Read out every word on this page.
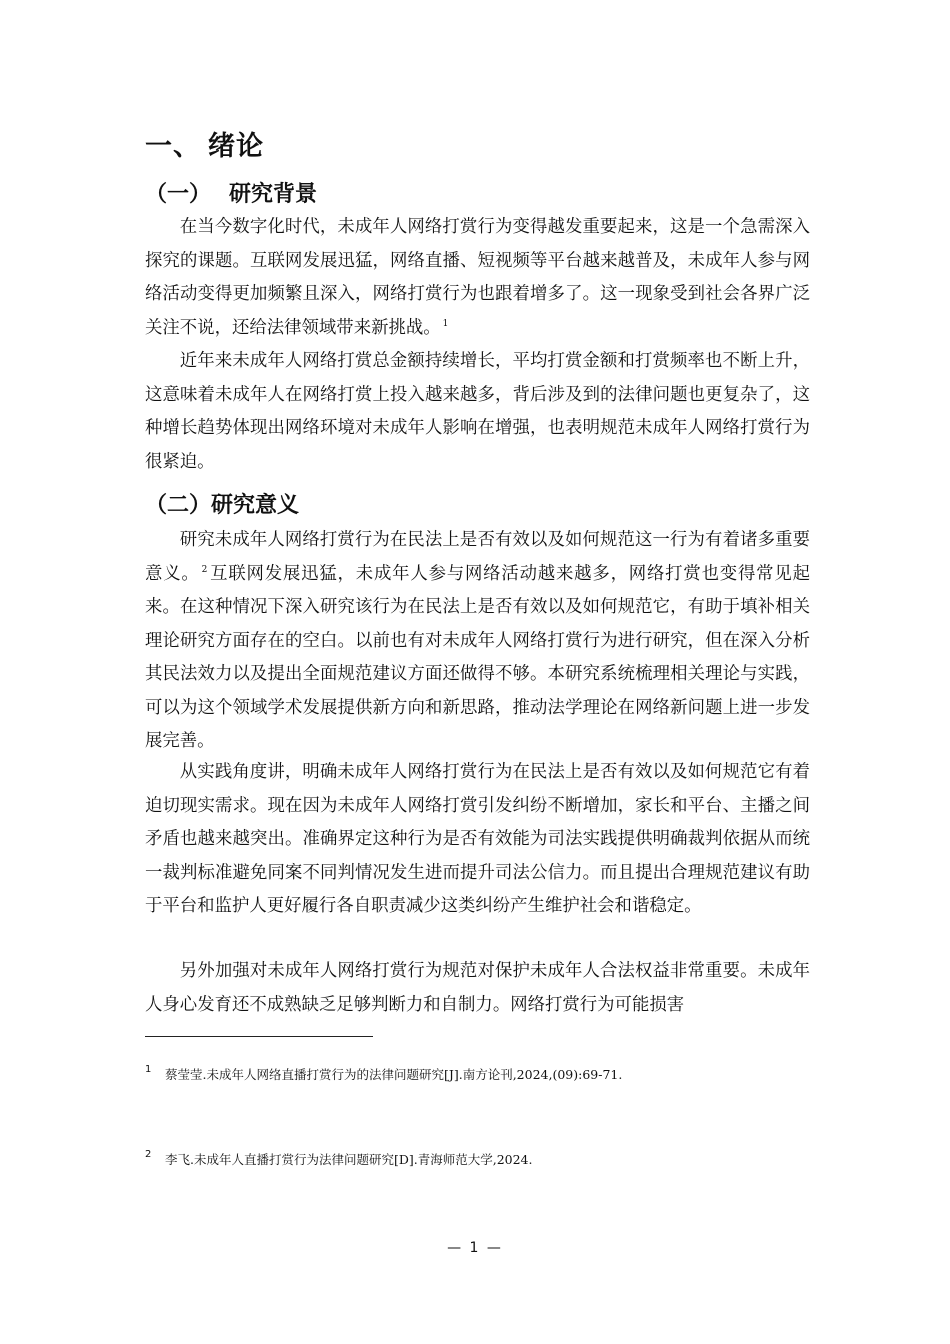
一、 绪论
（一） 研究背景
在当今数字化时代，未成年人网络打赏行为变得越发重要起来，这是一个急需深入探究的课题。互联网发展迅猛，网络直播、短视频等平台越来越普及，未成年人参与网络活动变得更加频繁且深入，网络打赏行为也跟着增多了。这一现象受到社会各界广泛关注不说，还给法律领域带来新挑战。 $^1$
近年来未成年人网络打赏总金额持续增长，平均打赏金额和打赏频率也不断上升，这意味着未成年人在网络打赏上投入越来越多，背后涉及到的法律问题也更复杂了，这种增长趋势体现出网络环境对未成年人影响在增强，也表明规范未成年人网络打赏行为很紧迫。
（二）研究意义
研究未成年人网络打赏行为在民法上是否有效以及如何规范这一行为有着诸多重要意义。 $^2$ 互联网发展迅猛，未成年人参与网络活动越来越多，网络打赏也变得常见起来。在这种情况下深入研究该行为在民法上是否有效以及如何规范它，有助于填补相关理论研究方面存在的空白。以前也有对未成年人网络打赏行为进行研究，但在深入分析其民法效力以及提出全面规范建议方面还做得不够。本研究系统梳理相关理论与实践，可以为这个领域学术发展提供新方向和新思路，推动法学理论在网络新问题上进一步发展完善。
从实践角度讲，明确未成年人网络打赏行为在民法上是否有效以及如何规范它有着迫切现实需求。现在因为未成年人网络打赏引发纠纷不断增加，家长和平台、主播之间矛盾也越来越突出。准确界定这种行为是否有效能为司法实践提供明确裁判依据从而统一裁判标准避免同案不同判情况发生进而提升司法公信力。而且提出合理规范建议有助于平台和监护人更好履行各自职责减少这类纠纷产生维护社会和谐稳定。
另外加强对未成年人网络打赏行为规范对保护未成年人合法权益非常重要。未成年人身心发育还不成熟缺乏足够判断力和自制力。网络打赏行为可能损害
1 蔡莹莹.未成年人网络直播打赏行为的法律问题研究[J].南方论刊,2024,(09):69-71.
2 李飞.未成年人直播打赏行为法律问题研究[D].青海师范大学,2024.
— 1 —
